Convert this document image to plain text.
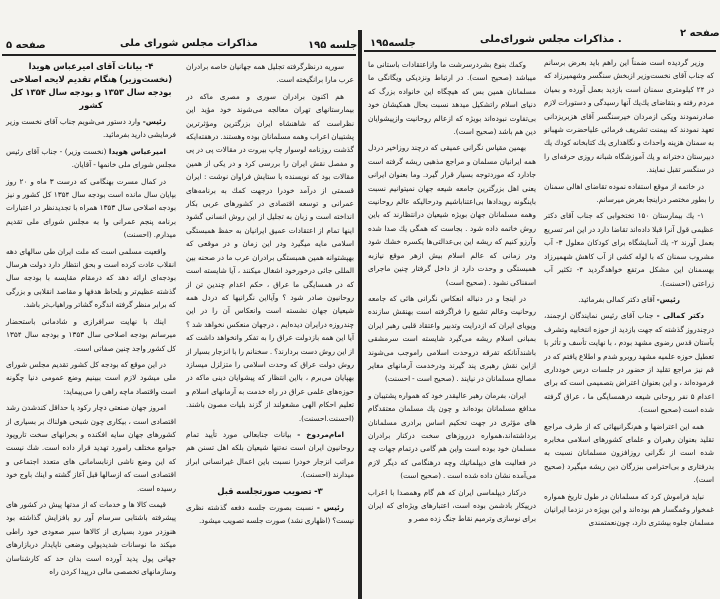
صفحه ۵	مذاکرات مجلس شورای ملی	جلسه ۱۹۵
۴- بیانات آقای امیرعباس هویدا (نخست‌وزیر) هنگام تقدیم لایحه اصلاحی بودجه سال ۱۳۵۳ و بودجه سال ۱۳۵۴ کل کشور

رئیس- وارد دستور می‌شویم جناب آقای نخست وزیر فرمایشی دارید بفرمائید.

امیرعباس هویدا (نخست وزیر) - جناب آقای رئیس مجلس شورای ملی خانمها - آقایان.

در کمال مسرت بهنگامی که درست ۳ ماه و ۲۰ روز بپایان سال مانده است بودجه سال ۱۳۵۴ کل کشور و نیز بودجه اصلاحی سال ۱۳۵۳ همراه با تجدیدنظر در اعتبارات برنامه پنجم عمرانی وا به مجلس شورای ملی تقدیم میدارم. (احسنت)

واقعیت مسلمی است که ملت ایران طی سالهای دهه انقلاب عادت کرده است و بحق انتظار دارد دولت هرسال بودجه‌ای ارائه دهد که درمقام مقایسه با بودجه سال گذشته عظیم‌تر و بلحاظ هدفها و مقاصد انقلابی و بزرگی که برابر منظر گرفته اندگره گشاتر وراهیاب‌تر باشد.

اینك با نهایت سرافرازی و شادمانی باستحضار میرسانم بودجه اصلاحی سال ۱۳۵۳ و بودجه سال ۱۳۵۴ کل کشور واجد چنین صفاتی است.

در این موقع که بودجه کل کشور تقدیم مجلس شورای ملی میشود لازم است ببینیم وضع عمومی دنیا چگونه است واقتصاد ماچه راهی را می‌پیماید:

امروز جهان صنعتی دچار رکود یا حداقل کندشدن رشد اقتصادی است ، بیکاری چون شبحی هولناك بر بسیاری از کشورهای جهان سایه افکنده و بحرانهای سخت تاروپود جوامع مختلف رامورد تهدید قرار داده است. شك نیست که این وضع ناشی ازنابسامانی های متعدد اجتماعی و اقتصادی است که ازسالها قبل آغاز گشته و اینك باوج خود رسیده است.

قیمت کالا ها و خدمات که از مدتها پیش در کشور های پیشرفته باشتابی سرسام آور رو بافزایش گذاشته بود هنوزدر مورد بسیاری از کالاها سیر صعودی خود راطی میکند ما نوسانات شدیدپولی وضعی ناپایدار دربازارهای جهانی پول پدید آورده است بدان حد که کارشناسان وسازمانهای تخصصی مالی درپیدا کردن راه

سوریه درنظرگرفته تجلیل همه جهانیان خاصه برادران عرب مارا برانگیخته است.

هم اکنون برادران سوری و مصری ماکه در بیمارستانهای تهران معالجه می‌شوند خود مؤید این نظراست که شاهنشاه ایران بزرگترین ومؤثرترین پشتیبان اعراب وهمه مسلمانان بوده وهستند. درهفته‌ایکه گذشت روزنامه لوسوار چاپ بیروت در مقالات پی در پی و مفصل نقش ایران را بررسی کرد و در یکی از همین مقالات بود که نویسنده با ستایش فراوان نوشت : ایران قسمتی از درآمد خودرا درجهت کمك به برنامه‌های عمرانی و توسعه اقتصادی در کشورهای عربی بکار انداخته است و زبان به تجلیل از این روش انسانی گشود اینها تمام از اعتقادات عمیق ایرانیان به حفظ همبستگی اسلامی مایه میگیرد ودر این زمان و در موقعی که بهپشتوانه همین همبستگی برادران عرب ما در صحنه بین المللی جائی درخورخود اشغال میکنند ، آیا شایسته است که در همسایگی ما عراق ، حکم اعدام چندین تن از روحانیون صادر شود ؟ وآیااین نگرانیها که دردل همه شیعیان جهان نشسته است وانعکاس آن را در این چندروزه درایران دیده‌ایم ، درجهان منعکس نخواهد شد ؟ آیا این همه بازدولت عراق را به تفکر وانخواهد داشت که از این روش دست بردارند؟ . سخنانم را با انزجار بسیار از روش دولت عراق که وحدت اسلامی را متزلزل میسازد بهپایان می‌برم ، بااین انتظار که پیشوایان دینی ماکه در حوزه‌های علمی عراق در راه خدمت به آرمانهای اسلام و تعلیم احکام الهی مشغولند از گزند بلیات مصون باشند. (احسنت.احسنت).

امام‌مردوخ - بیانات جنابعالی مورد تأیید تمام روحانیون ایران است نه‌تنها شیعیان بلکه اهل تسنن هم مراتب انزجار خودرا نسبت باین اعمال غیرانسانی ابراز میدارند (احسنت).

۳- تصویب صورتجلسه قبل

رئیس - نسبت بصورت جلسه دفعه گذشته نظری نیست؟ (اظهاری نشد) صورت جلسه تصویب میشود.

صفحه ۲
. مذاکرات مجلس شورای‌ملی
جلسه۱۹۵

وکمك بنوع بشردرسرشت ما وازاعتقادات باستانی ما میباشد (صحیح است). در ارتباط ونزدیکی ویگانگی ما مسلمانان همین بس که هیچگاه این خانواده بزرگ که دنیای اسلام راتشکیل میدهد نسبت بحال همکیشان خود بی‌تفاوت نبوده‌اند بویژه که ازعالم روحانیت وازپیشوایان دین هم باشد (صحیح است).

بهمین مقیاس نگرانی عمیقی که درچند روزاخیر دردل همه ایرانیان مسلمان و مراجع مذهبی ریشه گرفته است جادارد که موردتوجه بسیار قرار گیرد. وما بعنوان ایرانی یعنی اهل بزرگترین جامعه شیعه جهان نمیتوانیم نسبت باینگونه رویدادها بی‌اعتناباشیم ودرحالیکه عالم روحانیت وهمه مسلمانان جهان بویژه شیعیان درانتظارند که باین روش خاتمه داده شود . بجاست که همگی یك صدا شده وآرزو کنیم که ریشه این بی‌عدالتی‌ها یکسره خشك شود ودر زمانی که عالم اسلام بیش ازهر موقع نیازبه همبستگی و وحدت دارد از داخل گرفتار چنین ماجرای اسفناکی نشود . (صحیح است)

در اینجا و در دنباله انعکاس نگرانی هائی که جامعه روحانیت وعالم تشیع را فراگرفته است بهنقش سازنده وپویای ایران که ازدرایت وتدبیر واعتقاد قلبی رهبر ایران بمبانی اسلام ریشه می‌گیرد شایسته است سرمشقی باشندآنانکه تفرقه دروحدت اسلامی راموجب می‌شوند ازاین نقش رهبری پند گیرند ودرخدمت آرمانهای مغایر مصالح مسلمانان در نیایند . (صحیح است - احسنت)

ایران، بفرمان رهبر عالیقدر خود که همواره پشتیبان و مدافع مسلمانان بوده‌اند و چون یك مسلمان معتقدگام های مؤثری در جهت تحکیم اساس برادری مسلمانان برداشته‌اند،همواره درروزهای سخت درکنار برادران مسلمان خود بوده است واین هم گامی درتمام جهات چه در فعالیت های دیپلماتیك وچه درهنگامی که دیگر لازم می‌آمده نشان داده شده است . (صحیح است)

درکنار دیپلماسی ایران که هم گام وهمصدا با اعراب درپیکار بادشمن بوده است، اعتبارهای ویژه‌ای که ایران برای نوسازی وترمیم نقاط جنگ زده مصر و

وزیر گردیده است ضمناً این راهم باید بعرض برسانم که جناب آقای نخست‌وزیر ازبخش سنگسر وشهمیرزاد که در ۲۴ کیلومتری سمنان است بازدید بعمل آورده و بمیان مردم رفته و بتقاضای یك‌یك آنها رسیدگی و دستورات لازم صادرنمودند ویکی ازمردان خیرسنگسر آقای هزبریزدانی تعهد نمودند که بیمنت تشریف فرمائی علیاحضرت شهبانو به سمنان هزینه واحداث و نگاهداری یك کتابخانه کودك یك دبیرستان دخترانه و یك آموزشگاه شبانه روزی حرفه‌ای را در سنگسر تقبل نمایند.

در خاتمه از موقع استفاده نموده تقاضای اهالی سمنان را بطور مختصر دراینجا بعرض میرسانم.

۱- یك بیمارستان ۱۵۰ تختخوابی که جناب آقای دکتر عظیمی قول آنرا قبلا داده‌اند تقاضا دارد در این امر تسریع بعمل آورند ۲- یك آسایشگاه برای کودکان معلول ۳- آب مشروب سمنان که با لوله کشی از آب کاهش شهمیرزاد بهسمنان این مشکل مرتفع خواهدگردید ۴- تکثیر آب زراعتی (احسنت).

رئیس- آقای دکتر کمالی بفرمائید.

دکتر کمالی - جناب آقای رئیس نمایندگان ارجمند، درچندروز گذشته که جهت بازدید از حوزه انتخابیه وتشرف بآستان قدس رضوی مشهد بودم ، با نهایت تأسف و تأثر با تعطیل حوزه علمیه مشهد روبرو شدم و اطلاع یافتم که در قم نیز مراجع تقلید از حضور در جلسات درس خودداری فرموده‌اند ، و این بعنوان اعتراض بتصمیمی است که برای اعدام ۵ نفر روحانی شیعه درهمسایگی ما ، عراق گرفته شده است (صحیح است).

همه این اعتراضها و هم‌نگرانیهائی که از طرف مراجع تقلید بعنوان رهبران و علمای کشورهای اسلامی مخابره شده است از نگرانی روزافزون مسلمانان نسبت به بدرفتاری و بی‌احترامی ببزرگان دین ریشه میگیرد (صحیح است).

نباید فراموش کرد که مسلمانان در طول تاریخ همواره غمخوار وغمگسار هم بوده‌اند و این بویژه در نزدما ایرانیان مسلمان جلوه بیشتری دارد، چون‌نعمتمندی
